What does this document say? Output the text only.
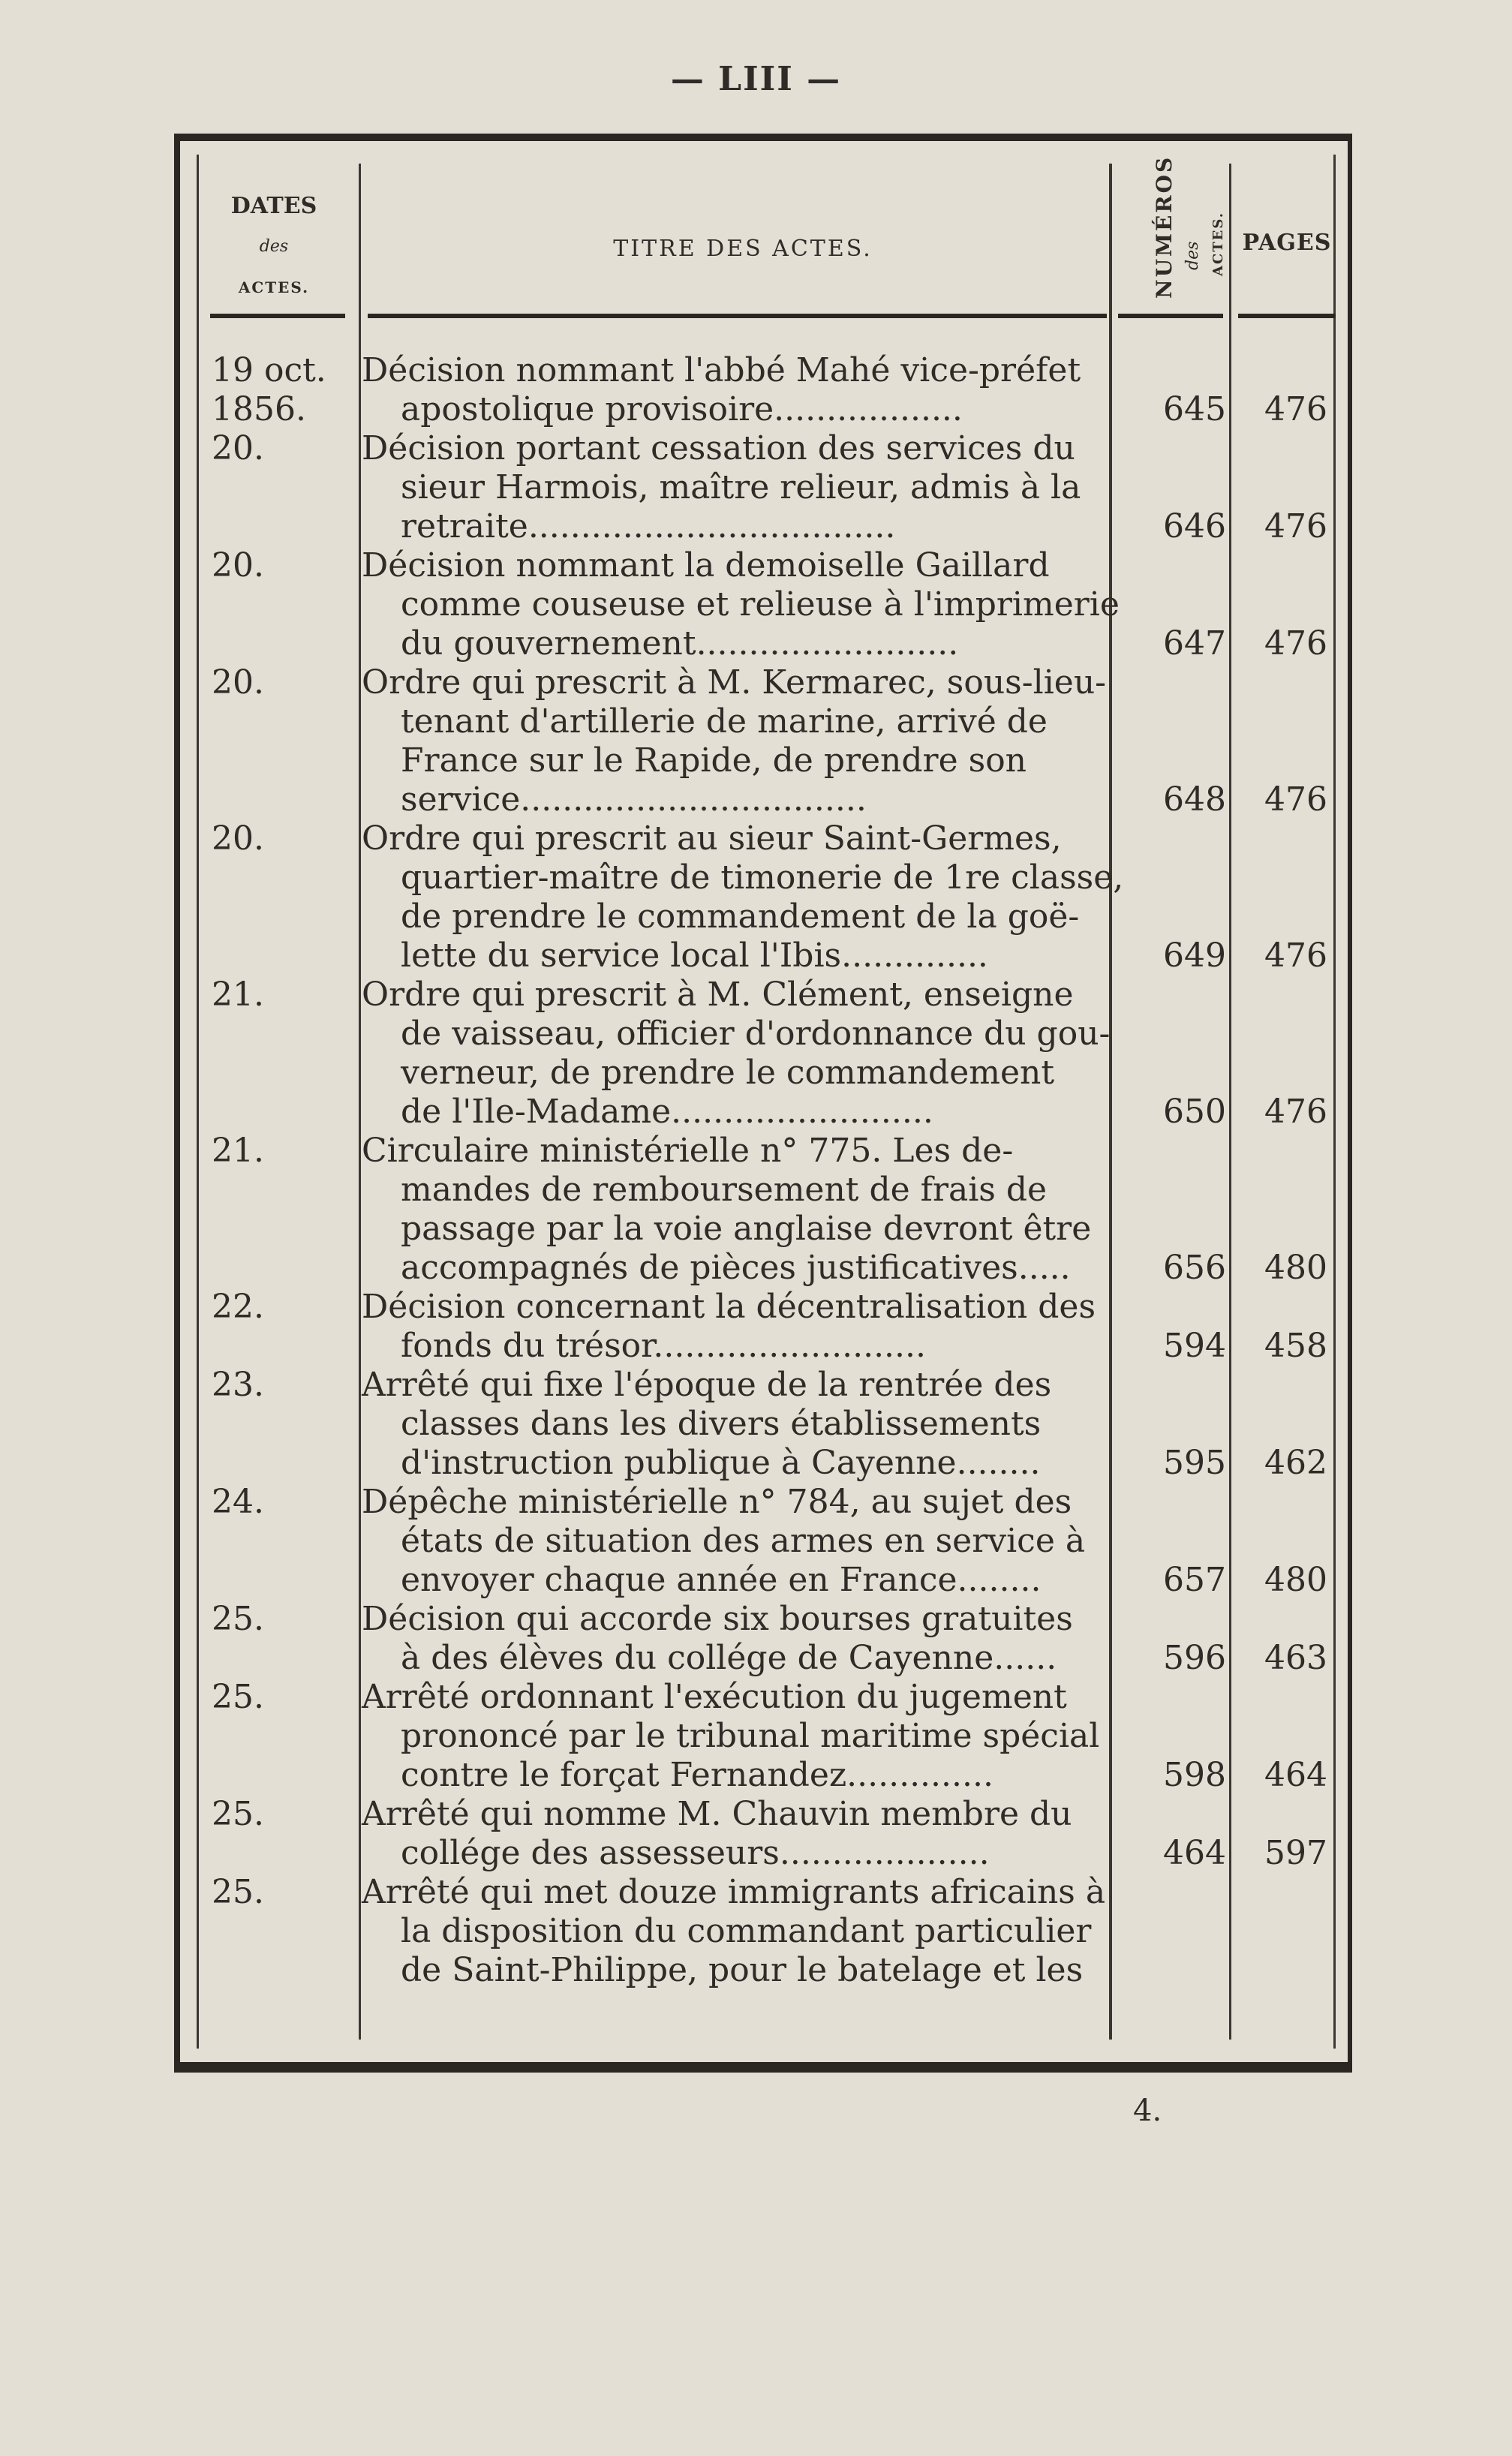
— LIII —
DATES
des
ACTES.
TITRE DES ACTES.	NUMÉROS des ACTES. PAGES
19 oct.	Décision nommant l'abbé Mahé vice-préfet
1856.	apostolique provisoire..................	645	476
20.	Décision portant cessation des services du
sieur Harmois, maître relieur, admis à la
retraite...................................	646	476
20.	Décision nommant la demoiselle Gaillard
comme couseuse et relieuse à l'imprimerie
du gouvernement.........................	647	476
20.	Ordre qui prescrit à M. Kermarec, sous-lieu-
tenant d'artillerie de marine, arrivé de
France sur le Rapide, de prendre son
service.................................	648	476
20.	Ordre qui prescrit au sieur Saint-Germes,
quartier-maître de timonerie de 1re classe,
de prendre le commandement de la goë-
lette du service local l'Ibis..............	649	476
21.	Ordre qui prescrit à M. Clément, enseigne
de vaisseau, officier d'ordonnance du gou-
verneur, de prendre le commandement
de l'Ile-Madame.........................	650	476
21.	Circulaire ministérielle n° 775. Les de-
mandes de remboursement de frais de
passage par la voie anglaise devront être
accompagnés de pièces justificatives.....	656	480
22.	Décision concernant la décentralisation des
fonds du trésor..........................	594	458
23.	Arrêté qui fixe l'époque de la rentrée des
classes dans les divers établissements
d'instruction publique à Cayenne........	595	462
24.	Dépêche ministérielle n° 784, au sujet des
états de situation des armes en service à
envoyer chaque année en France........	657	480
25.	Décision qui accorde six bourses gratuites
à des élèves du collége de Cayenne......	596	463
25.	Arrêté ordonnant l'exécution du jugement
prononcé par le tribunal maritime spécial
contre le forçat Fernandez..............	598	464
25.	Arrêté qui nomme M. Chauvin membre du
collége des assesseurs....................	464	597
25.	Arrêté qui met douze immigrants africains à
la disposition du commandant particulier
de Saint-Philippe, pour le batelage et les
4.
